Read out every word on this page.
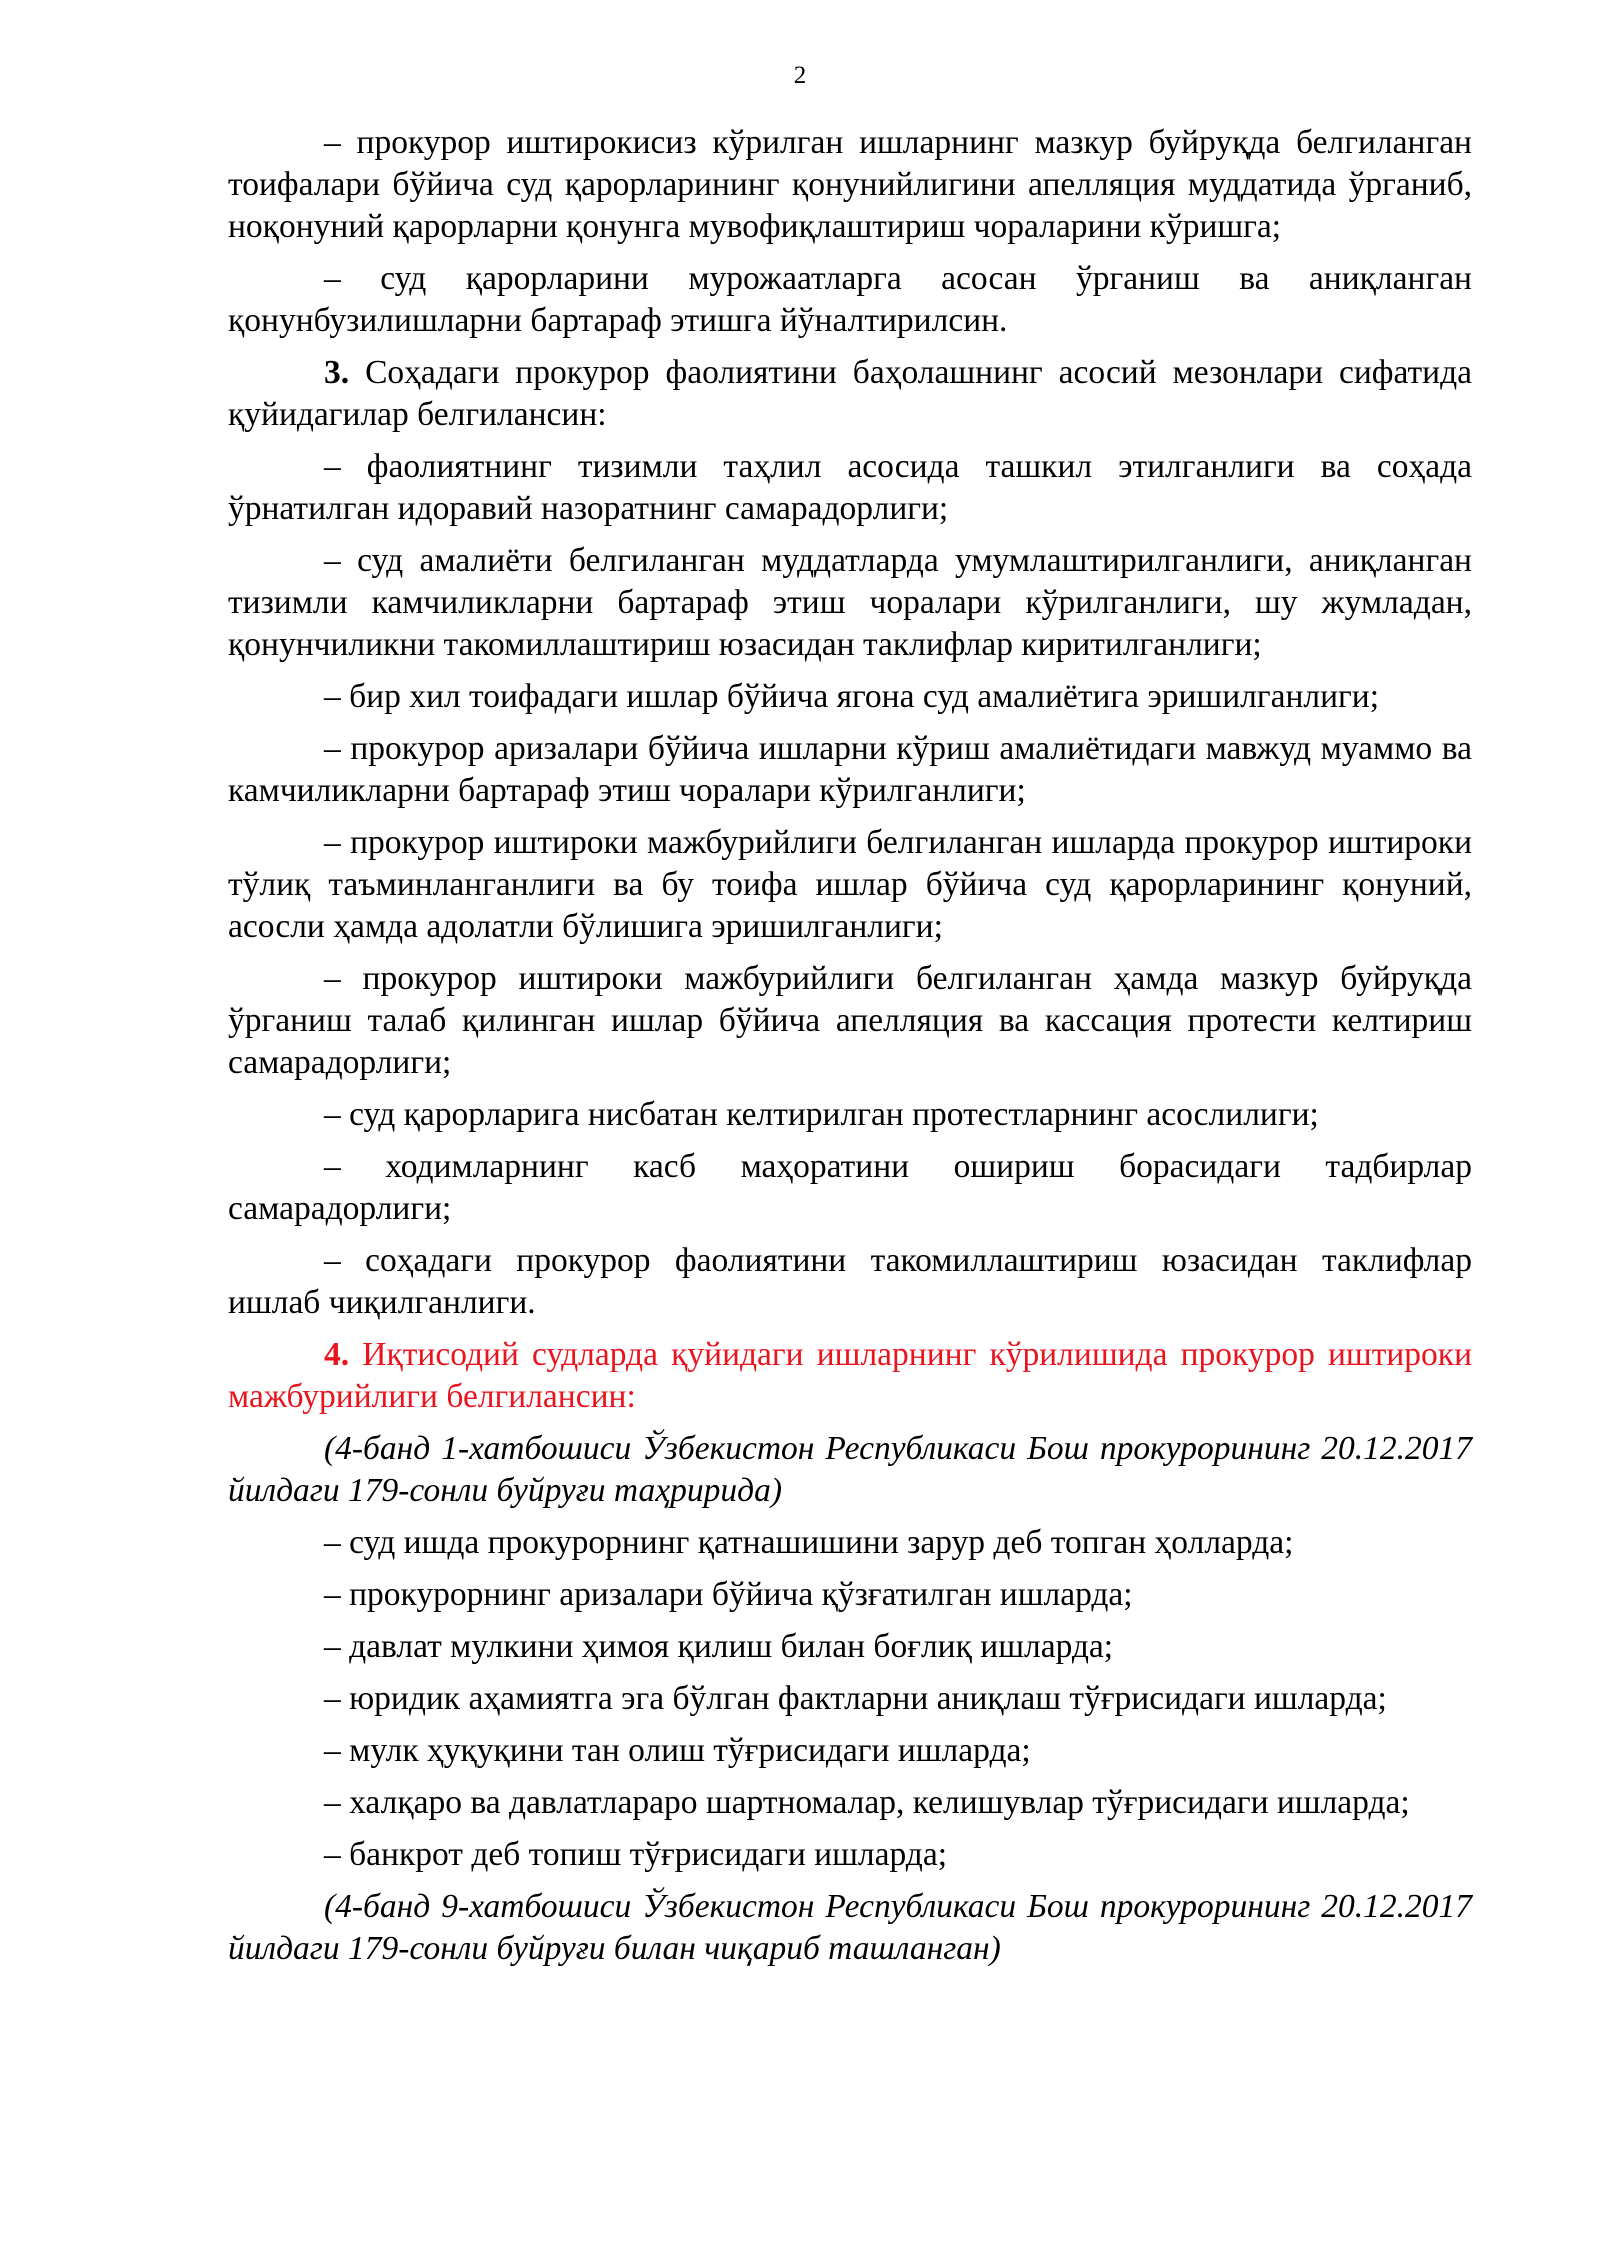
2

– прокурор иштирокисиз кўрилган ишларнинг мазкур буйруқда белгиланган тоифалари бўйича суд қарорларининг қонунийлигини апелляция муддатида ўрганиб, ноқонуний қарорларни қонунга мувофиқлаштириш чораларини кўришга;

– суд қарорларини мурожаатларга асосан ўрганиш ва аниқланган қонунбузилишларни бартараф этишга йўналтирилсин.

3. Соҳадаги прокурор фаолиятини баҳолашнинг асосий мезонлари сифатида қуйидагилар белгилансин:

– фаолиятнинг тизимли таҳлил асосида ташкил этилганлиги ва соҳада ўрнатилган идоравий назоратнинг самарадорлиги;

– суд амалиёти белгиланган муддатларда умумлаштирилганлиги, аниқланган тизимли камчиликларни бартараф этиш чоралари кўрилганлиги, шу жумладан, қонунчиликни такомиллаштириш юзасидан таклифлар киритилганлиги;

– бир хил тоифадаги ишлар бўйича ягона суд амалиётига эришилганлиги;

– прокурор аризалари бўйича ишларни кўриш амалиётидаги мавжуд муаммо ва камчиликларни бартараф этиш чоралари кўрилганлиги;

– прокурор иштироки мажбурийлиги белгиланган ишларда прокурор иштироки тўлиқ таъминланганлиги ва бу тоифа ишлар бўйича суд қарорларининг қонуний, асосли ҳамда адолатли бўлишига эришилганлиги;

– прокурор иштироки мажбурийлиги белгиланган ҳамда мазкур буйруқда ўрганиш талаб қилинган ишлар бўйича апелляция ва кассация протести келтириш самарадорлиги;

– суд қарорларига нисбатан келтирилган протестларнинг асослилиги;

– ходимларнинг касб маҳоратини ошириш борасидаги тадбирлар самарадорлиги;

– соҳадаги прокурор фаолиятини такомиллаштириш юзасидан таклифлар ишлаб чиқилганлиги.

4. Иқтисодий судларда қуйидаги ишларнинг кўрилишида прокурор иштироки мажбурийлиги белгилансин:

(4-банд 1-хатбошиси Ўзбекистон Республикаси Бош прокурорининг 20.12.2017 йилдаги 179-сонли буйруғи таҳририда)

– суд ишда прокурорнинг қатнашишини зарур деб топган ҳолларда;

– прокурорнинг аризалари бўйича қўзғатилган ишларда;

– давлат мулкини ҳимоя қилиш билан боғлиқ ишларда;

– юридик аҳамиятга эга бўлган фактларни аниқлаш тўғрисидаги ишларда;

– мулк ҳуқуқини тан олиш тўғрисидаги ишларда;

– халқаро ва давлатлараро шартномалар, келишувлар тўғрисидаги ишларда;

– банкрот деб топиш тўғрисидаги ишларда;

(4-банд 9-хатбошиси Ўзбекистон Республикаси Бош прокурорининг 20.12.2017 йилдаги 179-сонли буйруғи билан чиқариб ташланган)
